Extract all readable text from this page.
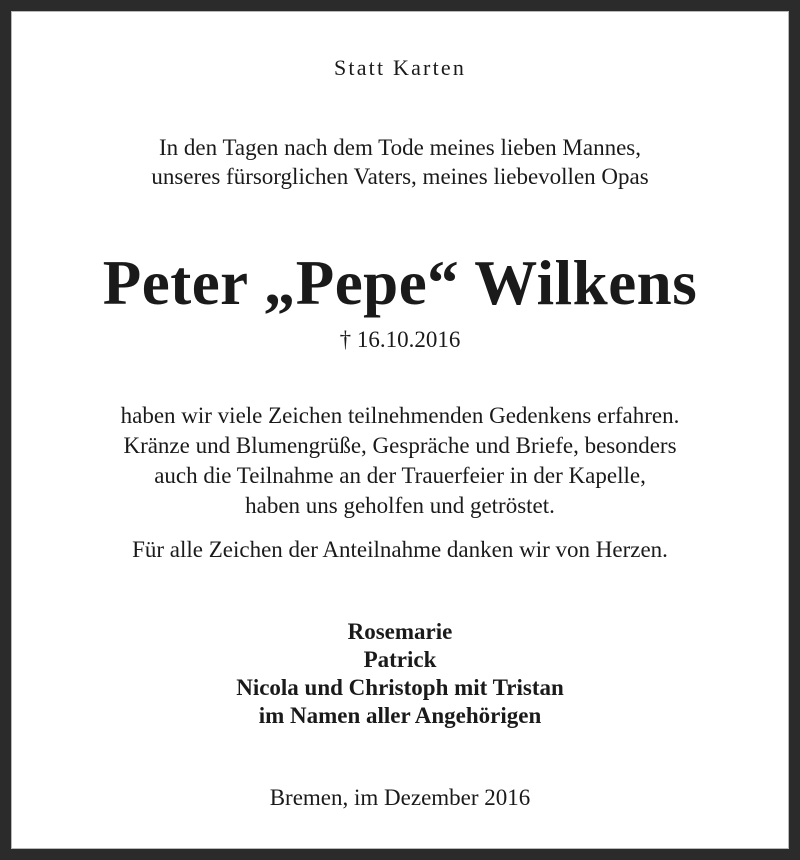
Statt Karten
In den Tagen nach dem Tode meines lieben Mannes,
unseres fürsorglichen Vaters, meines liebevollen Opas
Peter „Pepe“ Wilkens
† 16.10.2016
haben wir viele Zeichen teilnehmenden Gedenkens erfahren.
Kränze und Blumengrüße, Gespräche und Briefe, besonders
auch die Teilnahme an der Trauerfeier in der Kapelle,
haben uns geholfen und getröstet.
Für alle Zeichen der Anteilnahme danken wir von Herzen.
Rosemarie
Patrick
Nicola und Christoph mit Tristan
im Namen aller Angehörigen
Bremen, im Dezember 2016
